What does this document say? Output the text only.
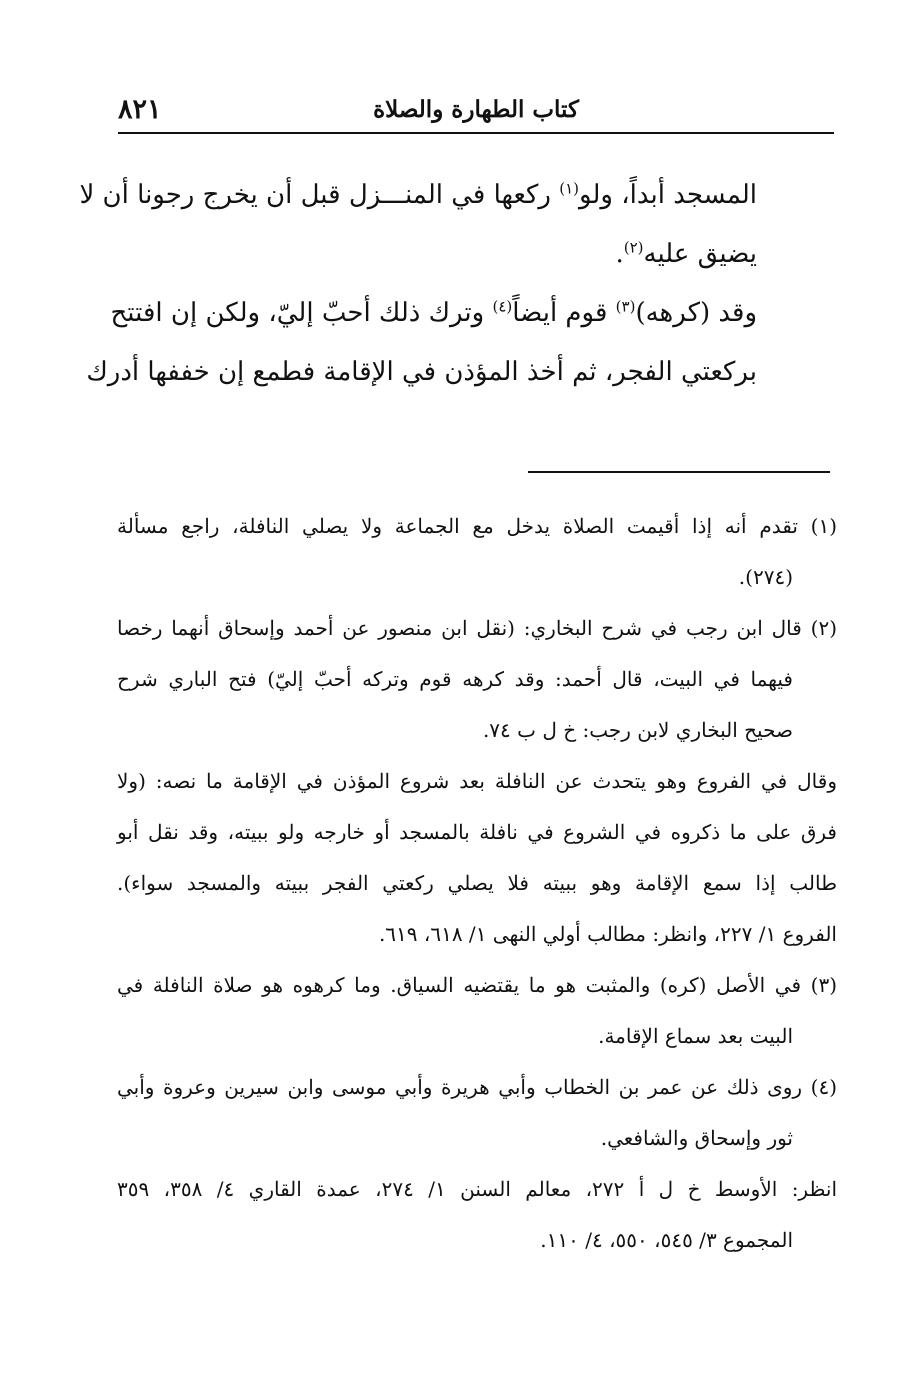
٨٢١	كتاب الطهارة والصلاة
المسجد أبداً، ولو$^{(١)}$ ركعها في المنـــزل قبل أن يخرج رجونا أن لا
يضيق عليه$^{(٢)}$.
وقد (كرهه)$^{(٣)}$ قوم أيضاً$^{(٤)}$ وترك ذلك أحبّ إليّ، ولكن إن افتتح
بركعتي الفجر، ثم أخذ المؤذن في الإقامة فطمع إن خففها أدرك
(١) تقدم أنه إذا أقيمت الصلاة يدخل مع الجماعة ولا يصلي النافلة، راجع مسألة
(٢٧٤).
(٢) قال ابن رجب في شرح البخاري: (نقل ابن منصور عن أحمد وإسحاق أنهما رخصا
فيهما في البيت، قال أحمد: وقد كرهه قوم وتركه أحبّ إليّ) فتح الباري شرح
صحيح البخاري لابن رجب: خ ل ب ٧٤.
وقال في الفروع وهو يتحدث عن النافلة بعد شروع المؤذن في الإقامة ما نصه: (ولا
فرق على ما ذكروه في الشروع في نافلة بالمسجد أو خارجه ولو ببيته، وقد نقل أبو
طالب إذا سمع الإقامة وهو ببيته فلا يصلي ركعتي الفجر ببيته والمسجد سواء).
الفروع ١/ ٢٢٧، وانظر: مطالب أولي النهى ١/ ٦١٨، ٦١٩.
(٣) في الأصل (كره) والمثبت هو ما يقتضيه السياق. وما كرهوه هو صلاة النافلة في
البيت بعد سماع الإقامة.
(٤) روى ذلك عن عمر بن الخطاب وأبي هريرة وأبي موسى وابن سيرين وعروة وأبي
ثور وإسحاق والشافعي.
انظر: الأوسط خ ل أ ٢٧٢، معالم السنن ١/ ٢٧٤، عمدة القاري ٤/ ٣٥٨، ٣٥٩
المجموع ٣/ ٥٤٥، ٥٥٠، ٤/ ١١٠.
